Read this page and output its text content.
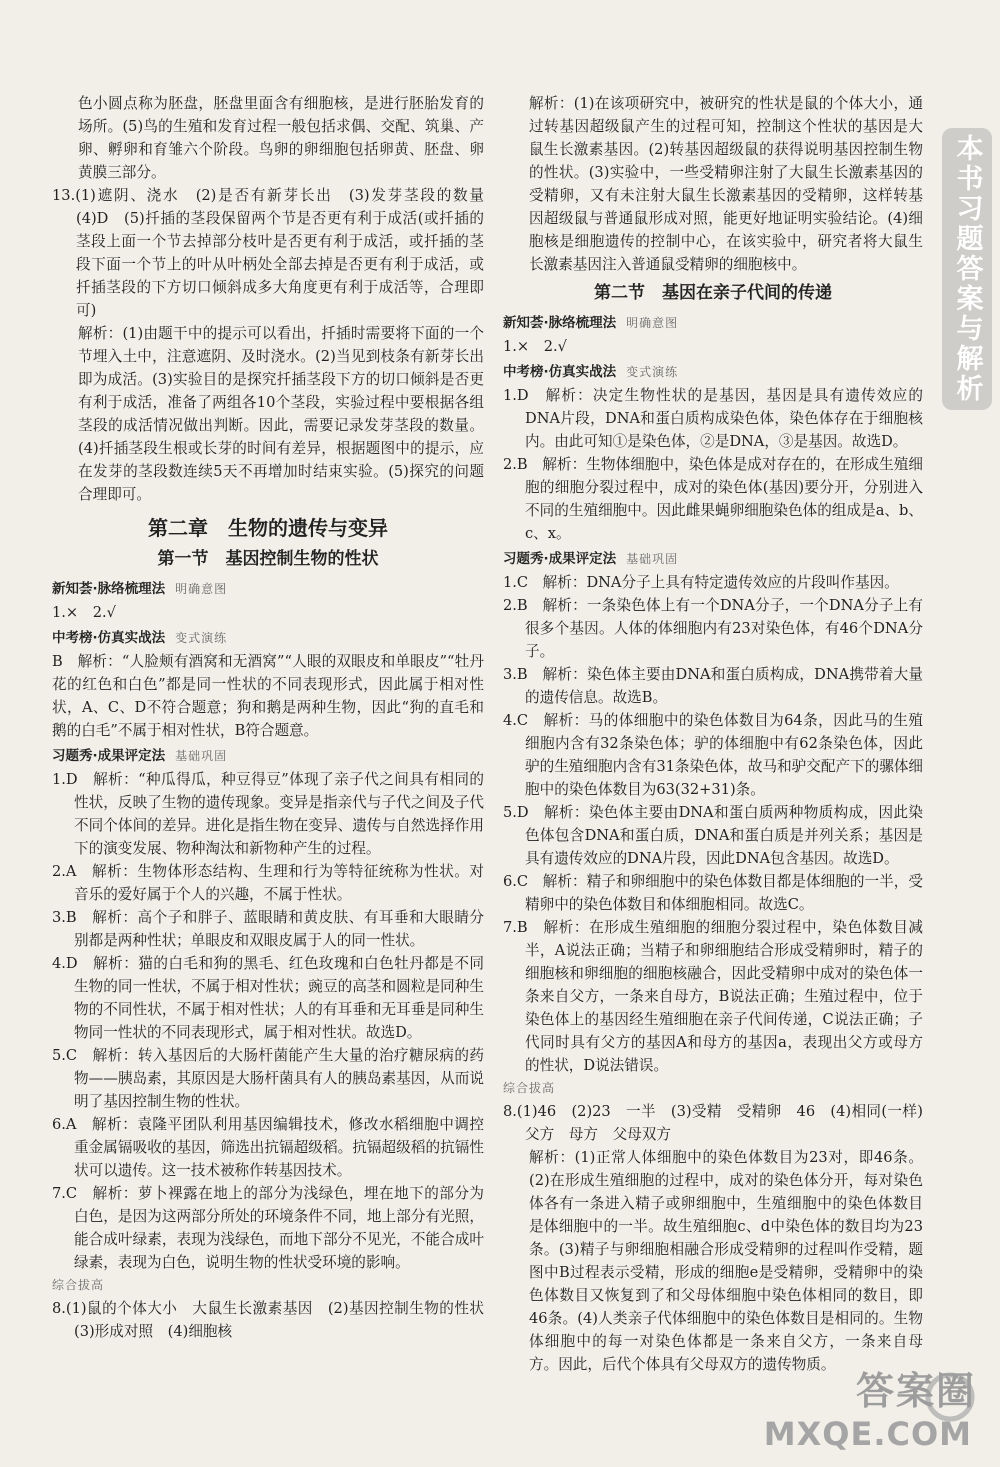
色小圆点称为胚盘，胚盘里面含有细胞核，是进行胚胎发育的场所。(5)鸟的生殖和发育过程一般包括求偶、交配、筑巢、产卵、孵卵和育雏六个阶段。鸟卵的卵细胞包括卵黄、胚盘、卵黄膜三部分。

13.(1)遮阴、浇水　(2)是否有新芽长出　(3)发芽茎段的数量　(4)D　(5)扦插的茎段保留两个节是否更有利于成活(或扦插的茎段上面一个节去掉部分枝叶是否更有利于成活，或扦插的茎段下面一个节上的叶从叶柄处全部去掉是否更有利于成活，或扦插茎段的下方切口倾斜成多大角度更有利于成活等，合理即可)

解析：(1)由题干中的提示可以看出，扦插时需要将下面的一个节埋入土中，注意遮阴、及时浇水。(2)当见到枝条有新芽长出即为成活。(3)实验目的是探究扦插茎段下方的切口倾斜是否更有利于成活，准备了两组各10个茎段，实验过程中要根据各组茎段的成活情况做出判断。因此，需要记录发芽茎段的数量。(4)扦插茎段生根或长芽的时间有差异，根据题图中的提示，应在发芽的茎段数连续5天不再增加时结束实验。(5)探究的问题合理即可。

第二章　生物的遗传与变异

第一节　基因控制生物的性状

新知荟·脉络梳理法 明确意图

1.×　2.√

中考榜·仿真实战法 变式演练

B　解析：“人脸颊有酒窝和无酒窝”“人眼的双眼皮和单眼皮”“牡丹花的红色和白色”都是同一性状的不同表现形式，因此属于相对性状，A、C、D不符合题意；狗和鹅是两种生物，因此“狗的直毛和鹅的白毛”不属于相对性状，B符合题意。

习题秀·成果评定法 基础巩固

1.D　解析：“种瓜得瓜，种豆得豆”体现了亲子代之间具有相同的性状，反映了生物的遗传现象。变异是指亲代与子代之间及子代不同个体间的差异。进化是指生物在变异、遗传与自然选择作用下的演变发展、物种淘汰和新物种产生的过程。

2.A　解析：生物体形态结构、生理和行为等特征统称为性状。对音乐的爱好属于个人的兴趣，不属于性状。

3.B　解析：高个子和胖子、蓝眼睛和黄皮肤、有耳垂和大眼睛分别都是两种性状；单眼皮和双眼皮属于人的同一性状。

4.D　解析：猫的白毛和狗的黑毛、红色玫瑰和白色牡丹都是不同生物的同一性状，不属于相对性状；豌豆的高茎和圆粒是同种生物的不同性状，不属于相对性状；人的有耳垂和无耳垂是同种生物同一性状的不同表现形式，属于相对性状。故选D。

5.C　解析：转入基因后的大肠杆菌能产生大量的治疗糖尿病的药物——胰岛素，其原因是大肠杆菌具有人的胰岛素基因，从而说明了基因控制生物的性状。

6.A　解析：袁隆平团队利用基因编辑技术，修改水稻细胞中调控重金属镉吸收的基因，筛选出抗镉超级稻。抗镉超级稻的抗镉性状可以遗传。这一技术被称作转基因技术。

7.C　解析：萝卜裸露在地上的部分为浅绿色，埋在地下的部分为白色，是因为这两部分所处的环境条件不同，地上部分有光照，能合成叶绿素，表现为浅绿色，而地下部分不见光，不能合成叶绿素，表现为白色，说明生物的性状受环境的影响。

综合拔高

8.(1)鼠的个体大小　大鼠生长激素基因　(2)基因控制生物的性状　(3)形成对照　(4)细胞核

解析：(1)在该项研究中，被研究的性状是鼠的个体大小，通过转基因超级鼠产生的过程可知，控制这个性状的基因是大鼠生长激素基因。(2)转基因超级鼠的获得说明基因控制生物的性状。(3)实验中，一些受精卵注射了大鼠生长激素基因的受精卵，又有未注射大鼠生长激素基因的受精卵，这样转基因超级鼠与普通鼠形成对照，能更好地证明实验结论。(4)细胞核是细胞遗传的控制中心，在该实验中，研究者将大鼠生长激素基因注入普通鼠受精卵的细胞核中。

第二节　基因在亲子代间的传递

新知荟·脉络梳理法 明确意图

1.×　2.√

中考榜·仿真实战法 变式演练

1.D　解析：决定生物性状的是基因，基因是具有遗传效应的DNA片段，DNA和蛋白质构成染色体，染色体存在于细胞核内。由此可知①是染色体，②是DNA，③是基因。故选D。

2.B　解析：生物体细胞中，染色体是成对存在的，在形成生殖细胞的细胞分裂过程中，成对的染色体(基因)要分开，分别进入不同的生殖细胞中。因此雌果蝇卵细胞染色体的组成是a、b、c、x。

习题秀·成果评定法 基础巩固

1.C　解析：DNA分子上具有特定遗传效应的片段叫作基因。

2.B　解析：一条染色体上有一个DNA分子，一个DNA分子上有很多个基因。人体的体细胞内有23对染色体，有46个DNA分子。

3.B　解析：染色体主要由DNA和蛋白质构成，DNA携带着大量的遗传信息。故选B。

4.C　解析：马的体细胞中的染色体数目为64条，因此马的生殖细胞内含有32条染色体；驴的体细胞中有62条染色体，因此驴的生殖细胞内含有31条染色体，故马和驴交配产下的骡体细胞中的染色体数目为63(32+31)条。

5.D　解析：染色体主要由DNA和蛋白质两种物质构成，因此染色体包含DNA和蛋白质，DNA和蛋白质是并列关系；基因是具有遗传效应的DNA片段，因此DNA包含基因。故选D。

6.C　解析：精子和卵细胞中的染色体数目都是体细胞的一半，受精卵中的染色体数目和体细胞相同。故选C。

7.B　解析：在形成生殖细胞的细胞分裂过程中，染色体数目减半，A说法正确；当精子和卵细胞结合形成受精卵时，精子的细胞核和卵细胞的细胞核融合，因此受精卵中成对的染色体一条来自父方，一条来自母方，B说法正确；生殖过程中，位于染色体上的基因经生殖细胞在亲子代间传递，C说法正确；子代同时具有父方的基因A和母方的基因a，表现出父方或母方的性状，D说法错误。

综合拔高

8.(1)46　(2)23　一半　(3)受精　受精卵　46　(4)相同(一样)　父方　母方　父母双方

解析：(1)正常人体细胞中的染色体数目为23对，即46条。(2)在形成生殖细胞的过程中，成对的染色体分开，每对染色体各有一条进入精子或卵细胞中，生殖细胞中的染色体数目是体细胞中的一半。故生殖细胞c、d中染色体的数目均为23条。(3)精子与卵细胞相融合形成受精卵的过程叫作受精，题图中B过程表示受精，形成的细胞e是受精卵，受精卵中的染色体数目又恢复到了和父母体细胞中染色体相同的数目，即46条。(4)人类亲子代体细胞中的染色体数目是相同的。生物体细胞中的每一对染色体都是一条来自父方，一条来自母方。因此，后代个体具有父母双方的遗传物质。

本书习题答案与解析
答案圈
MXQE.COM
